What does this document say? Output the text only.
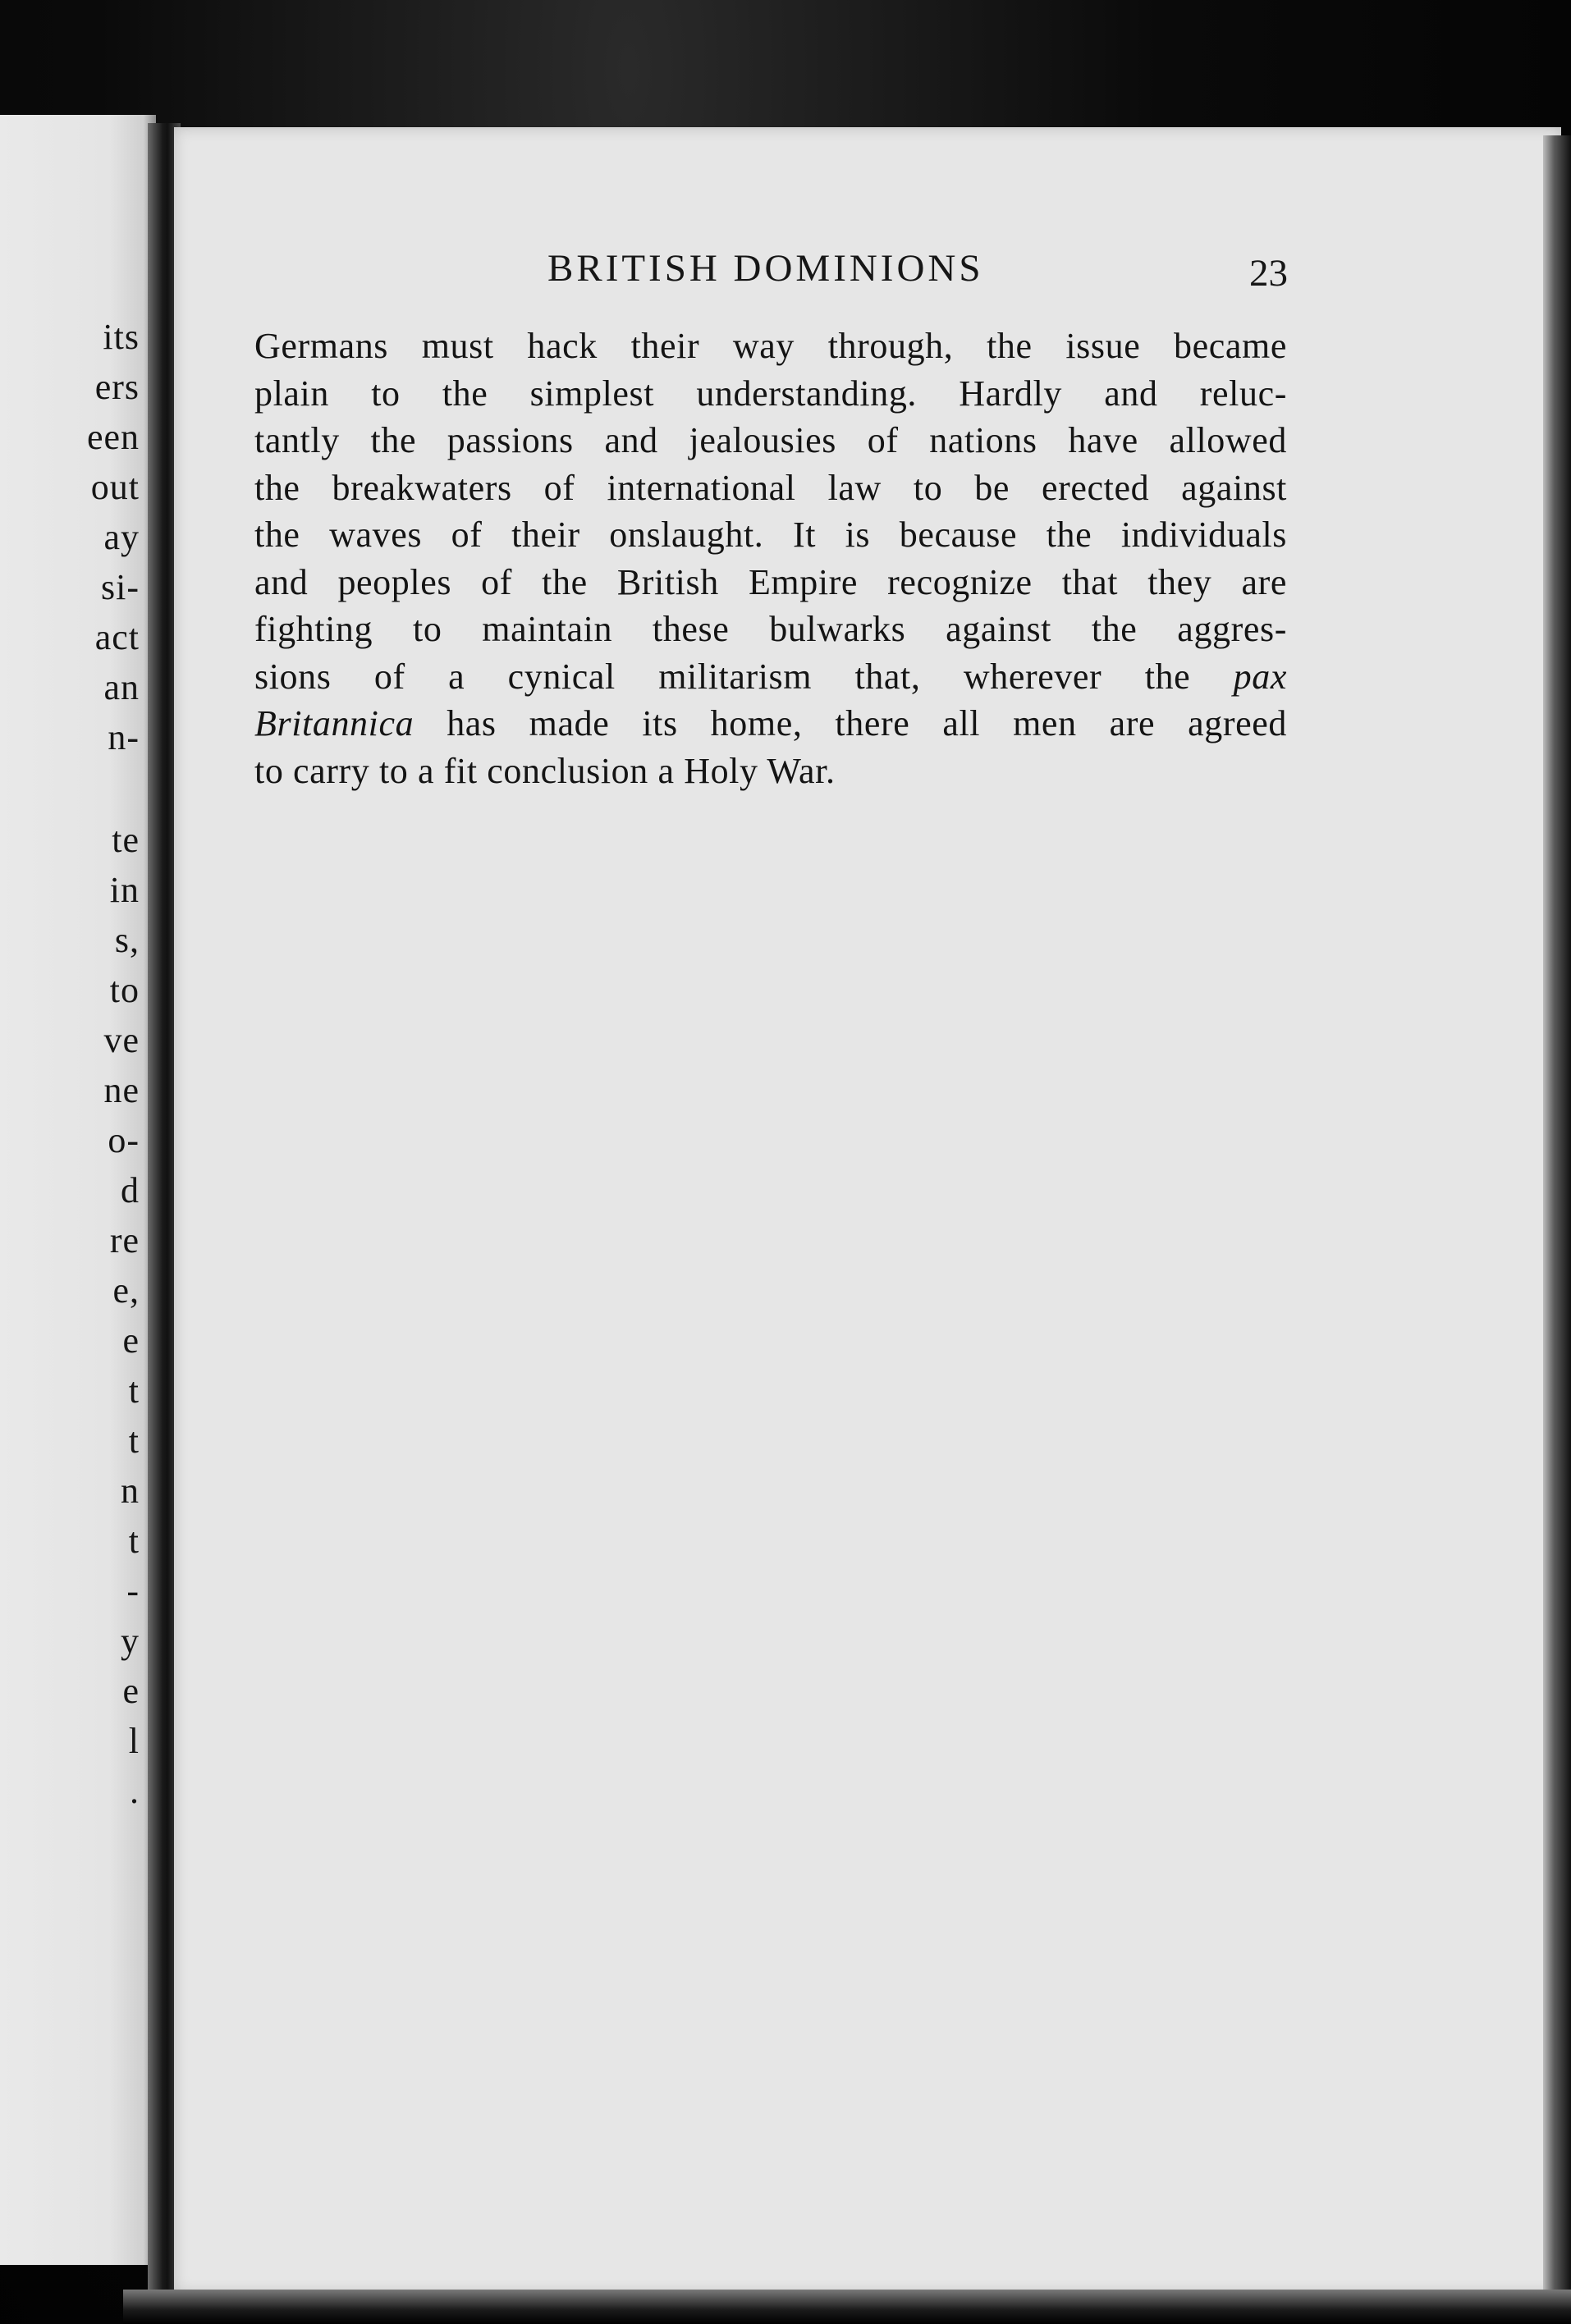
its
ers
een
out
ay
si-
act
an
n-
te
in
s,
to
ve
ne
o-
d
re
e,
e
t
t
n
t
-
y
e
l
.
BRITISH DOMINIONS	23
Germans must hack their way through, the issue became
plain to the simplest understanding. Hardly and reluc-
tantly the passions and jealousies of nations have allowed
the breakwaters of international law to be erected against
the waves of their onslaught. It is because the individuals
and peoples of the British Empire recognize that they are
fighting to maintain these bulwarks against the aggres-
sions of a cynical militarism that, wherever the pax
Britannica has made its home, there all men are agreed
to carry to a fit conclusion a Holy War.
